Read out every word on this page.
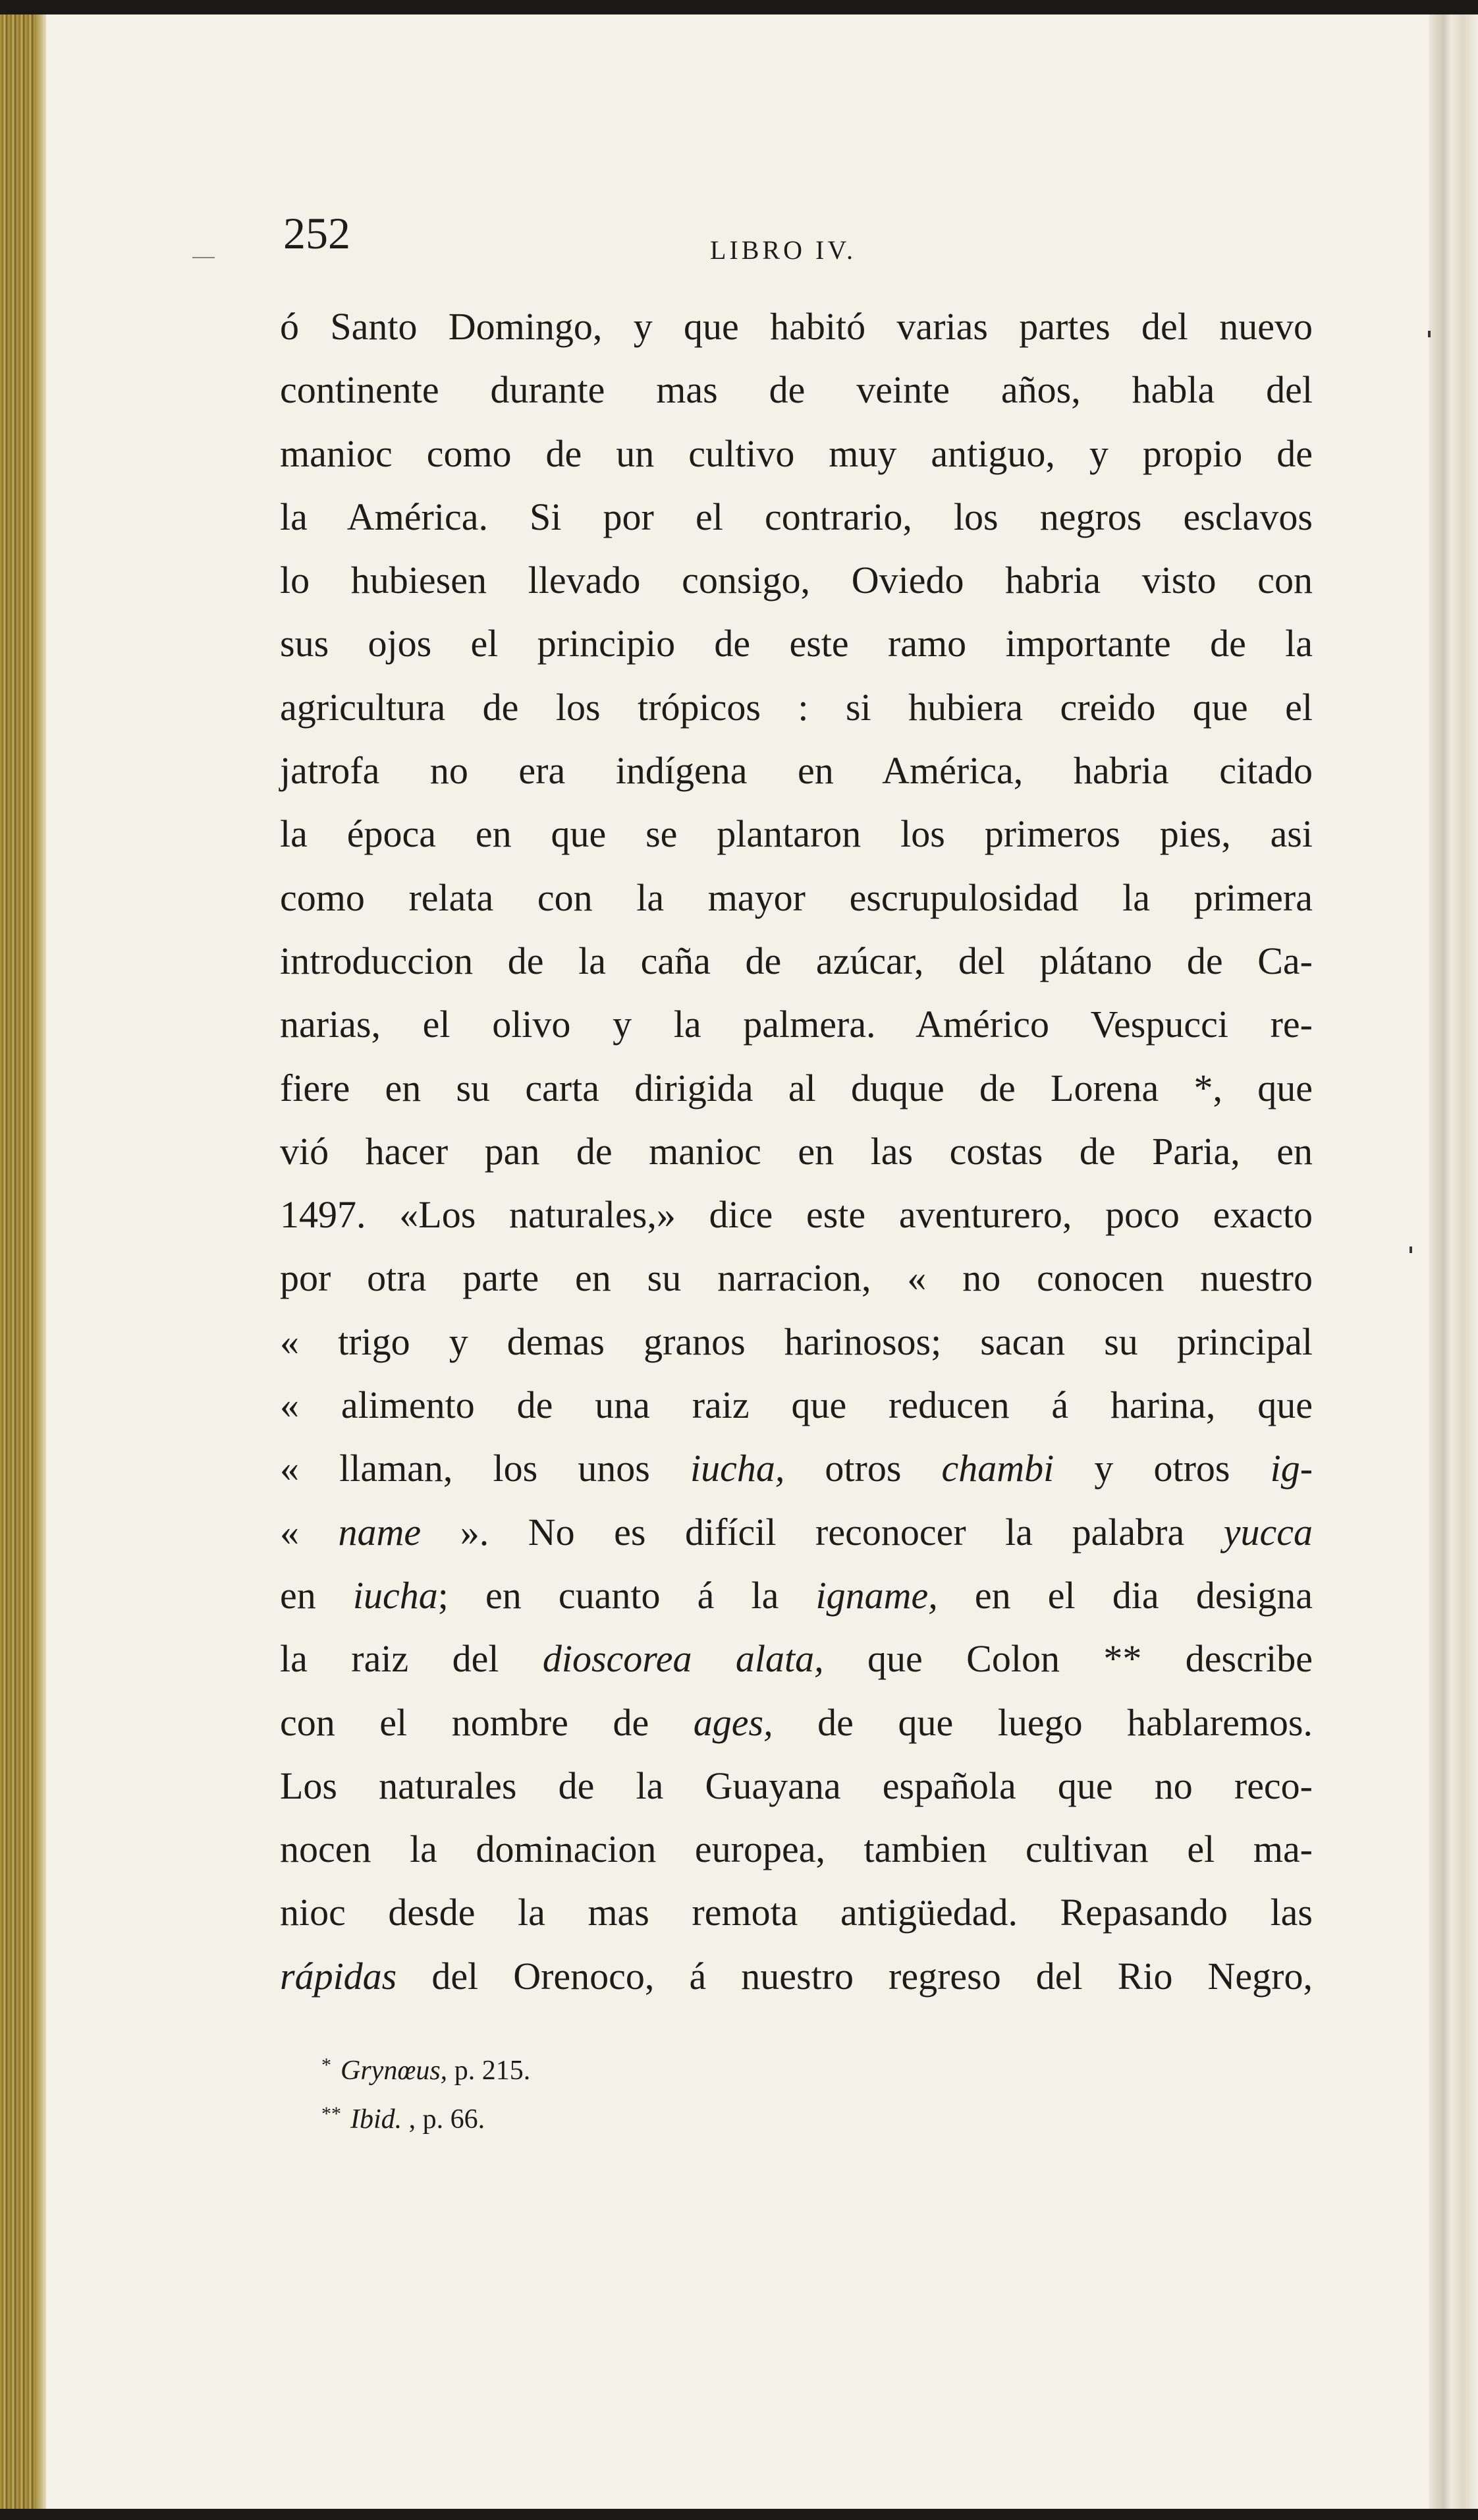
252	LIBRO IV.
ó Santo Domingo, y que habitó varias partes del nuevo
continente durante mas de veinte años, habla del
manioc como de un cultivo muy antiguo, y propio de
la América. Si por el contrario, los negros esclavos
lo hubiesen llevado consigo, Oviedo habria visto con
sus ojos el principio de este ramo importante de la
agricultura de los trópicos : si hubiera creido que el
jatrofa no era indígena en América, habria citado
la época en que se plantaron los primeros pies, asi
como relata con la mayor escrupulosidad la primera
introduccion de la caña de azúcar, del plátano de Ca-
narias, el olivo y la palmera. Américo Vespucci re-
fiere en su carta dirigida al duque de Lorena *, que
vió hacer pan de manioc en las costas de Paria, en
1497. «Los naturales,» dice este aventurero, poco exacto
por otra parte en su narracion, « no conocen nuestro
« trigo y demas granos harinosos; sacan su principal
« alimento de una raiz que reducen á harina, que
« llaman, los unos iucha, otros chambi y otros ig-
« name ». No es difícil reconocer la palabra yucca
en iucha; en cuanto á la igname, en el dia designa
la raiz del dioscorea alata, que Colon ** describe
con el nombre de ages, de que luego hablaremos.
Los naturales de la Guayana española que no reco-
nocen la dominacion europea, tambien cultivan el ma-
nioc desde la mas remota antigüedad. Repasando las
rápidas del Orenoco, á nuestro regreso del Rio Negro,
* Grynœus, p. 215.
** Ibid. , p. 66.
